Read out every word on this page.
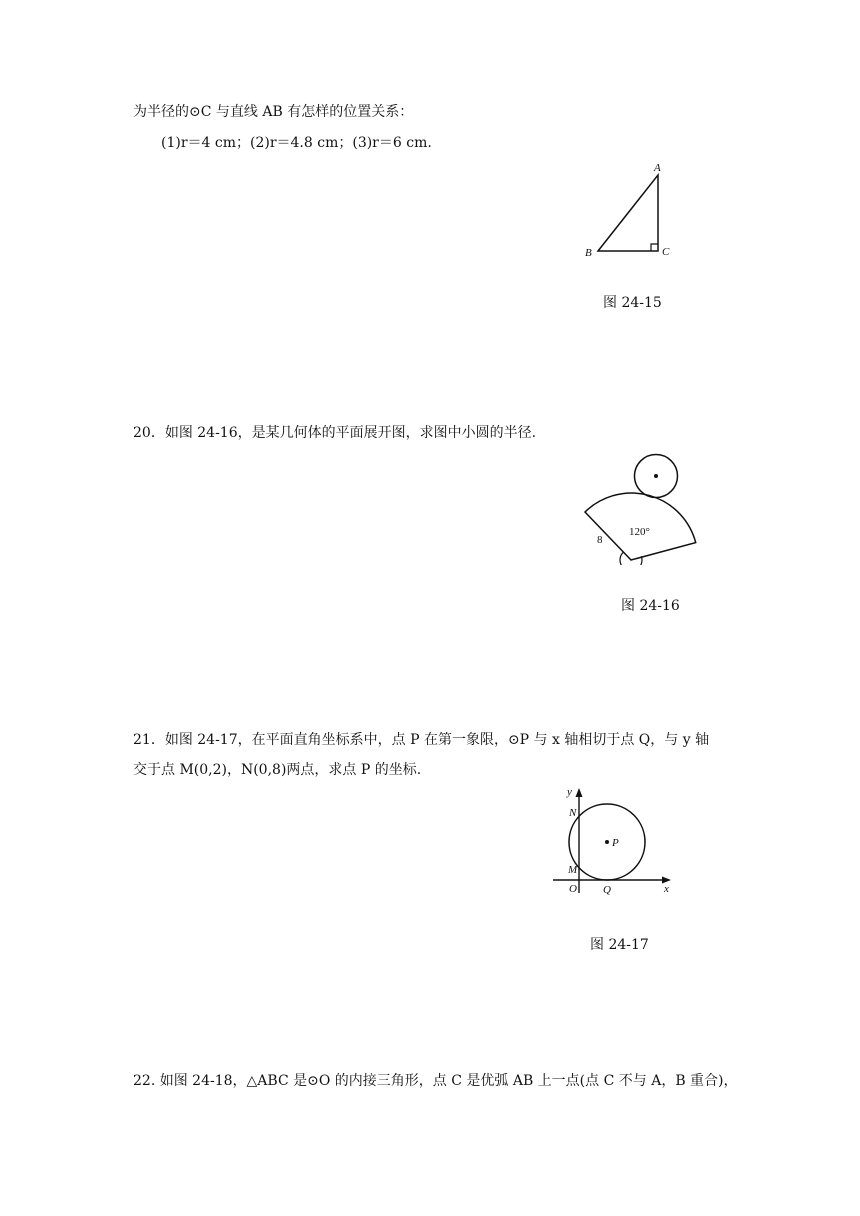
为半径的⊙C 与直线 AB 有怎样的位置关系：
(1)r＝4 cm；(2)r＝4.8 cm；(3)r＝6 cm.
A
B	C
图 24-15
20．如图 24-16，是某几何体的平面展开图，求图中小圆的半径.
120°
8
图 24-16
21．如图 24-17，在平面直角坐标系中，点 P 在第一象限，⊙P 与 x 轴相切于点 Q，与 y 轴
交于点 M(0,2)，N(0,8)两点，求点 P 的坐标.
y
x
N
M
O Q
P
图 24-17
22. 如图 24-18，△ABC 是⊙O 的内接三角形，点 C 是优弧 AB 上一点(点 C 不与 A，B 重合)，
